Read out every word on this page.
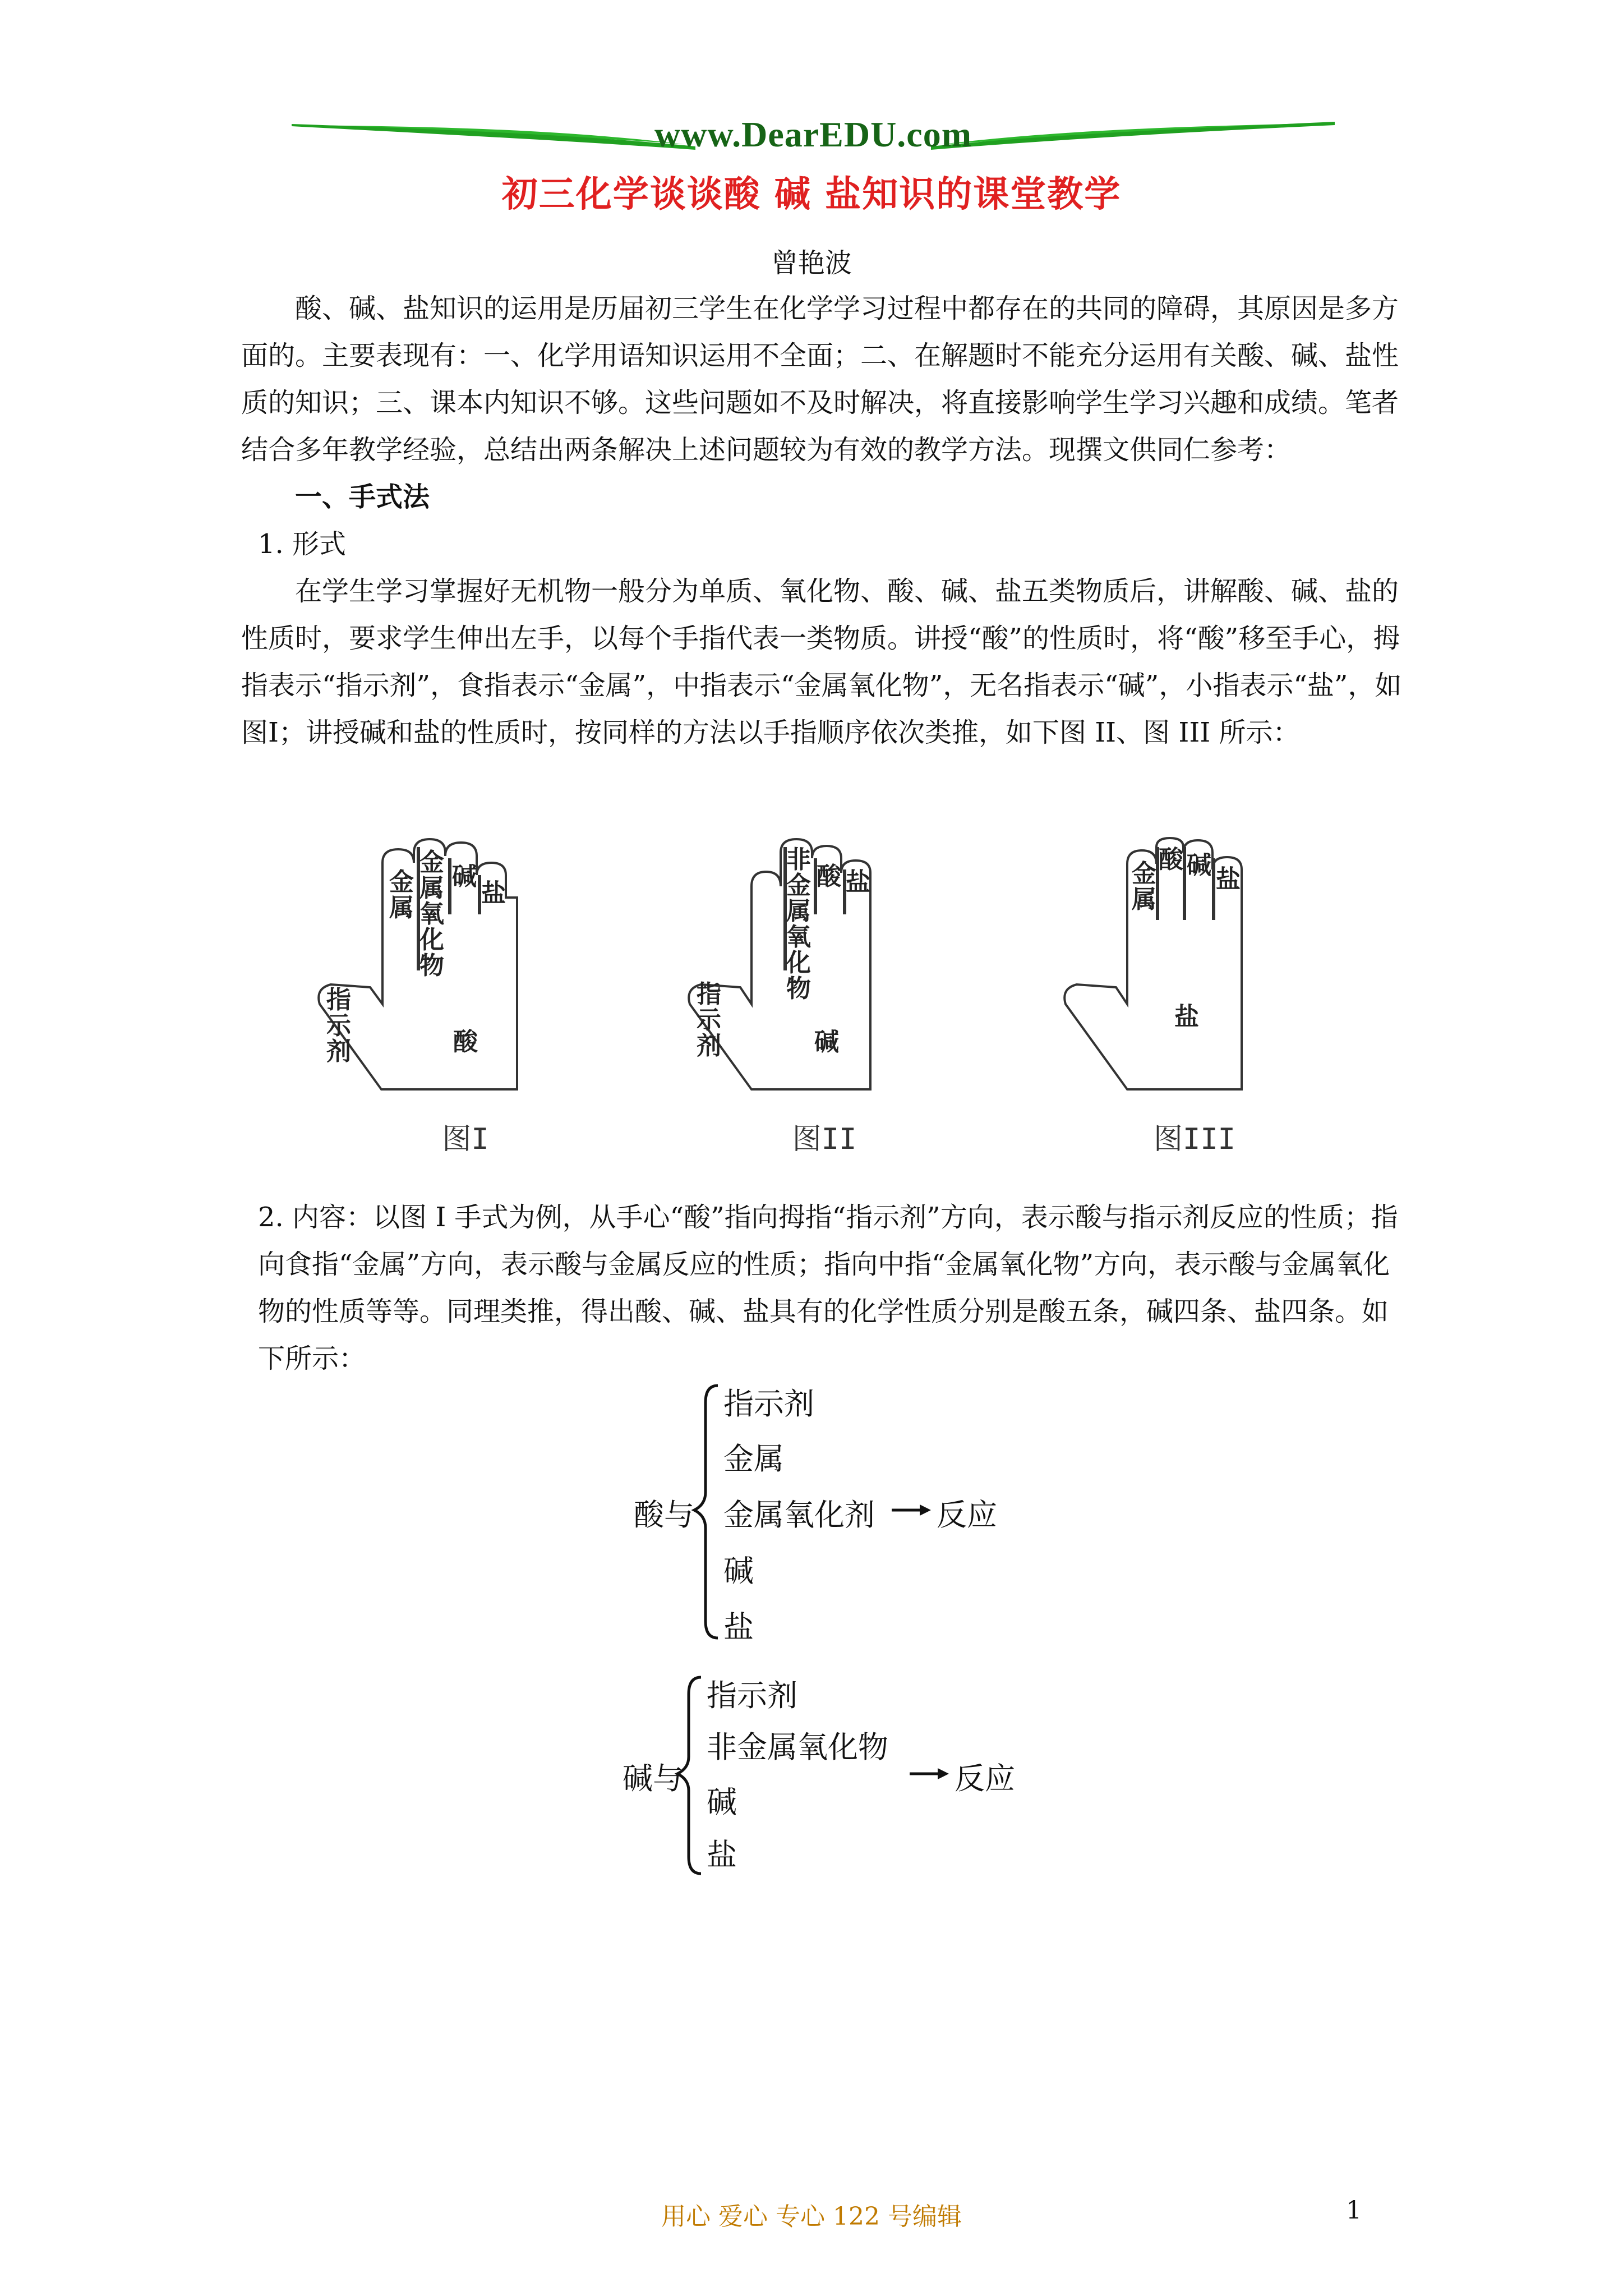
www.DearEDU.com
初三化学谈谈酸 碱 盐知识的课堂教学
曾艳波

酸、碱、盐知识的运用是历届初三学生在化学学习过程中都存在的共同的障碍，其原因是多方面的。主要表现有：一、化学用语知识运用不全面；二、在解题时不能充分运用有关酸、碱、盐性质的知识；三、课本内知识不够。这些问题如不及时解决，将直接影响学生学习兴趣和成绩。笔者结合多年教学经验，总结出两条解决上述问题较为有效的教学方法。现撰文供同仁参考：

一、手式法

1. 形式

在学生学习掌握好无机物一般分为单质、氧化物、酸、碱、盐五类物质后，讲解酸、碱、盐的性质时，要求学生伸出左手，以每个手指代表一类物质。讲授“酸”的性质时，将“酸”移至手心，拇指表示“指示剂”，食指表示“金属”，中指表示“金属氧化物”，无名指表示“碱”，小指表示“盐”，如图I；讲授碱和盐的性质时，按同样的方法以手指顺序依次类推，如下图 II、图 III 所示：

指示剂
金属
金属氧化物
碱
盐
酸
图I
指示剂
非金属氧化物
酸 盐
碱
图II
金属
酸 碱 盐
盐
图III

2. 内容：以图 I 手式为例，从手心“酸”指向拇指“指示剂”方向，表示酸与指示剂反应的性质；指向食指“金属”方向，表示酸与金属反应的性质；指向中指“金属氧化物”方向，表示酸与金属氧化物的性质等等。同理类推，得出酸、碱、盐具有的化学性质分别是酸五条，碱四条、盐四条。如下所示：

酸与
指示剂
金属
金属氧化剂
碱
盐
反应
碱与
指示剂
非金属氧化物
碱
盐
反应
用心 爱心 专心 122 号编辑	1
